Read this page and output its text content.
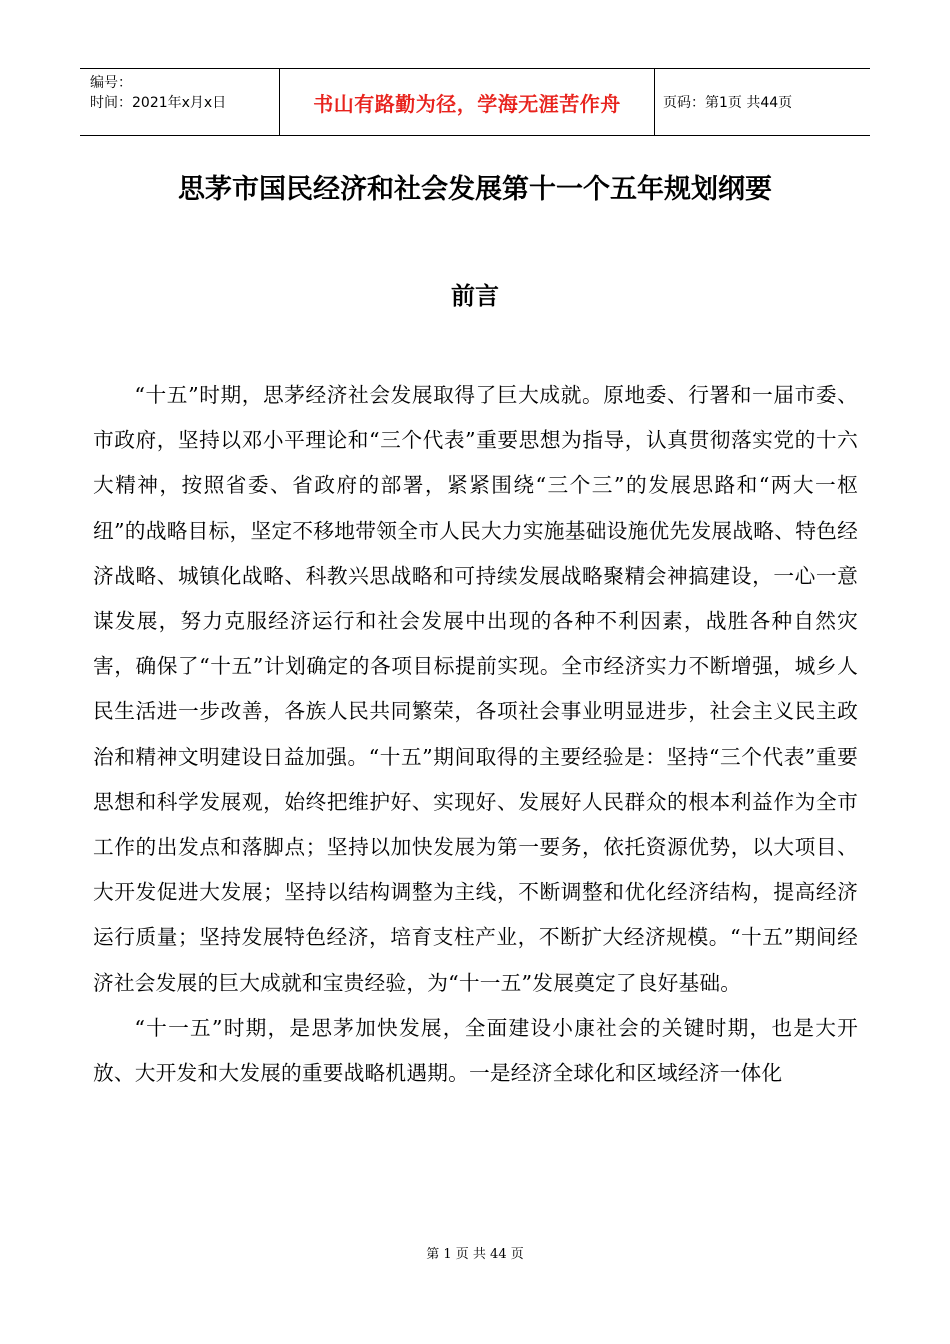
编号：
时间：2021年x月x日	书山有路勤为径，学海无涯苦作舟	页码：第1页 共44页
思茅市国民经济和社会发展第十一个五年规划纲要
前言

“十五”时期，思茅经济社会发展取得了巨大成就。原地委、行署和一届市委、市政府，坚持以邓小平理论和“三个代表”重要思想为指导，认真贯彻落实党的十六大精神，按照省委、省政府的部署，紧紧围绕“三个三”的发展思路和“两大一枢纽”的战略目标，坚定不移地带领全市人民大力实施基础设施优先发展战略、特色经济战略、城镇化战略、科教兴思战略和可持续发展战略聚精会神搞建设，一心一意谋发展，努力克服经济运行和社会发展中出现的各种不利因素，战胜各种自然灾害，确保了“十五”计划确定的各项目标提前实现。全市经济实力不断增强，城乡人民生活进一步改善，各族人民共同繁荣，各项社会事业明显进步，社会主义民主政治和精神文明建设日益加强。“十五”期间取得的主要经验是：坚持“三个代表”重要思想和科学发展观，始终把维护好、实现好、发展好人民群众的根本利益作为全市工作的出发点和落脚点；坚持以加快发展为第一要务，依托资源优势，以大项目、大开发促进大发展；坚持以结构调整为主线，不断调整和优化经济结构，提高经济运行质量；坚持发展特色经济，培育支柱产业，不断扩大经济规模。“十五”期间经济社会发展的巨大成就和宝贵经验，为“十一五”发展奠定了良好基础。

“十一五”时期，是思茅加快发展，全面建设小康社会的关键时期，也是大开放、大开发和大发展的重要战略机遇期。一是经济全球化和区域经济一体化

第 1 页 共 44 页
